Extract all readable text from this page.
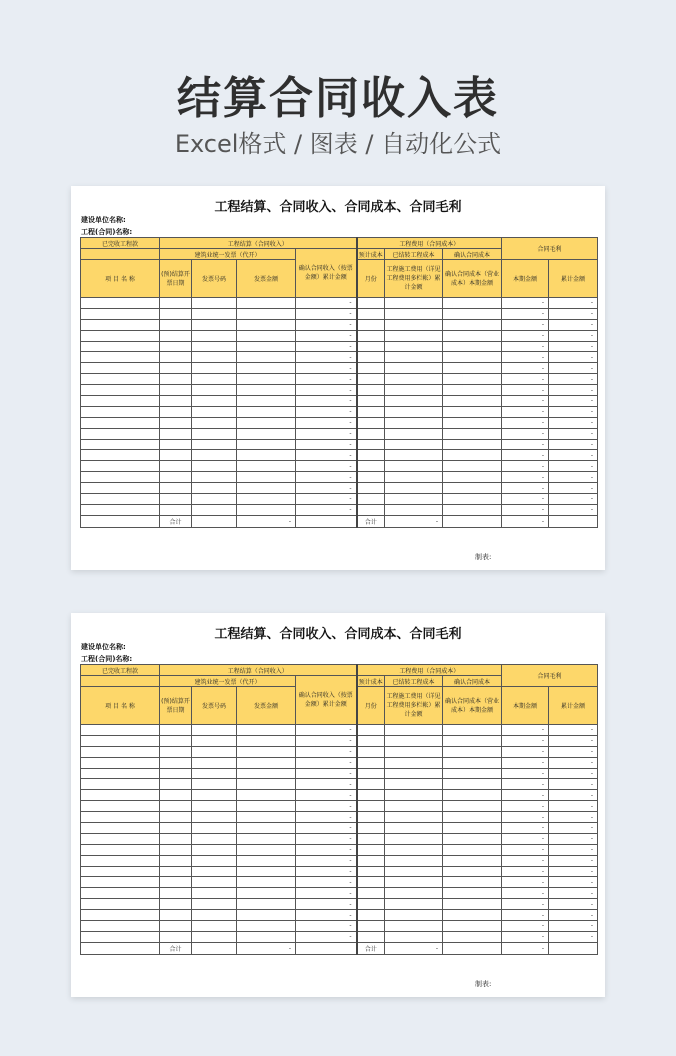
结算合同收入表
Excel格式 / 图表 / 自动化公式
工程结算、合同收入、合同成本、合同毛利
建设单位名称:
工程(合同)名称:
已完收工程款	工程结算（合同收入）				工程费用（合同成本）			合同毛利	
	建筑业统一发票（代开）			确认合同收入（按票金额）累计金额	预计成本	已结转工程成本	确认合同成本		
项 目 名 称	(预)结算开票日期	发票号码	发票金额		月份	工程施工费用（详见工程费用多栏帐）累计金额	确认合同成本（营业成本）本期金额	本期金额	累计金额
				-				-	-
				-				-	-
				-				-	-
				-				-	-
				-				-	-
				-				-	-
				-				-	-
				-				-	-
				-				-	-
				-				-	-
				-				-	-
				-				-	-
				-				-	-
				-				-	-
				-				-	-
				-				-	-
				-				-	-
				-				-	-
				-				-	-
				-				-	-
	合计		-		合计	-		-	
制表:
工程结算、合同收入、合同成本、合同毛利
建设单位名称:
工程(合同)名称:
已完收工程款	工程结算（合同收入）				工程费用（合同成本）			合同毛利	
	建筑业统一发票（代开）			确认合同收入（按票金额）累计金额	预计成本	已结转工程成本	确认合同成本		
项 目 名 称	(预)结算开票日期	发票号码	发票金额		月份	工程施工费用（详见工程费用多栏帐）累计金额	确认合同成本（营业成本）本期金额	本期金额	累计金额
				-				-	-
				-				-	-
				-				-	-
				-				-	-
				-				-	-
				-				-	-
				-				-	-
				-				-	-
				-				-	-
				-				-	-
				-				-	-
				-				-	-
				-				-	-
				-				-	-
				-				-	-
				-				-	-
				-				-	-
				-				-	-
				-				-	-
				-				-	-
	合计		-		合计	-		-	
制表:
